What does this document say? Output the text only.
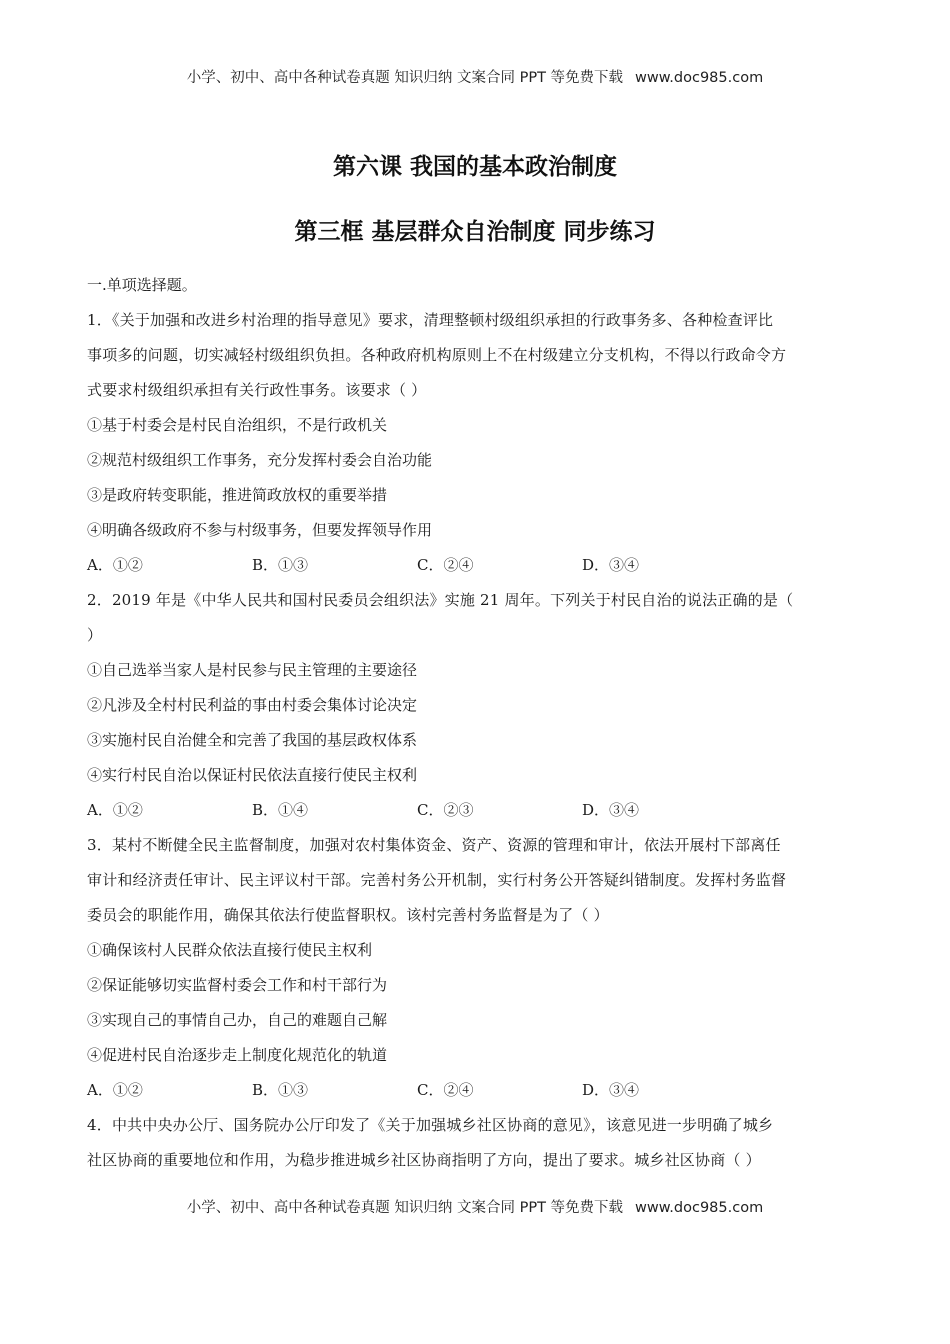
小学、初中、高中各种试卷真题 知识归纳 文案合同 PPT 等免费下载 www.doc985.com
第六课 我国的基本政治制度
第三框 基层群众自治制度 同步练习
一.单项选择题。
1．《关于加强和改进乡村治理的指导意见》要求，清理整顿村级组织承担的行政事务多、各种检查评比
事项多的问题，切实减轻村级组织负担。各种政府机构原则上不在村级建立分支机构，不得以行政命令方
式要求村级组织承担有关行政性事务。该要求（ ）
①基于村委会是村民自治组织，不是行政机关
②规范村级组织工作事务，充分发挥村委会自治功能
③是政府转变职能，推进简政放权的重要举措
④明确各级政府不参与村级事务，但要发挥领导作用
A．①②	B．①③	C．②④	D．③④
2．2019 年是《中华人民共和国村民委员会组织法》实施 21 周年。下列关于村民自治的说法正确的是（
）
①自己选举当家人是村民参与民主管理的主要途径
②凡涉及全村村民利益的事由村委会集体讨论决定
③实施村民自治健全和完善了我国的基层政权体系
④实行村民自治以保证村民依法直接行使民主权利
A．①②	B．①④	C．②③	D．③④
3．某村不断健全民主监督制度，加强对农村集体资金、资产、资源的管理和审计，依法开展村下部离任
审计和经济责任审计、民主评议村干部。完善村务公开机制，实行村务公开答疑纠错制度。发挥村务监督
委员会的职能作用，确保其依法行使监督职权。该村完善村务监督是为了（ ）
①确保该村人民群众依法直接行使民主权利
②保证能够切实监督村委会工作和村干部行为
③实现自己的事情自己办，自己的难题自己解
④促进村民自治逐步走上制度化规范化的轨道
A．①②	B．①③	C．②④	D．③④
4．中共中央办公厅、国务院办公厅印发了《关于加强城乡社区协商的意见》，该意见进一步明确了城乡
社区协商的重要地位和作用，为稳步推进城乡社区协商指明了方向，提出了要求。城乡社区协商（ ）
小学、初中、高中各种试卷真题 知识归纳 文案合同 PPT 等免费下载 www.doc985.com
